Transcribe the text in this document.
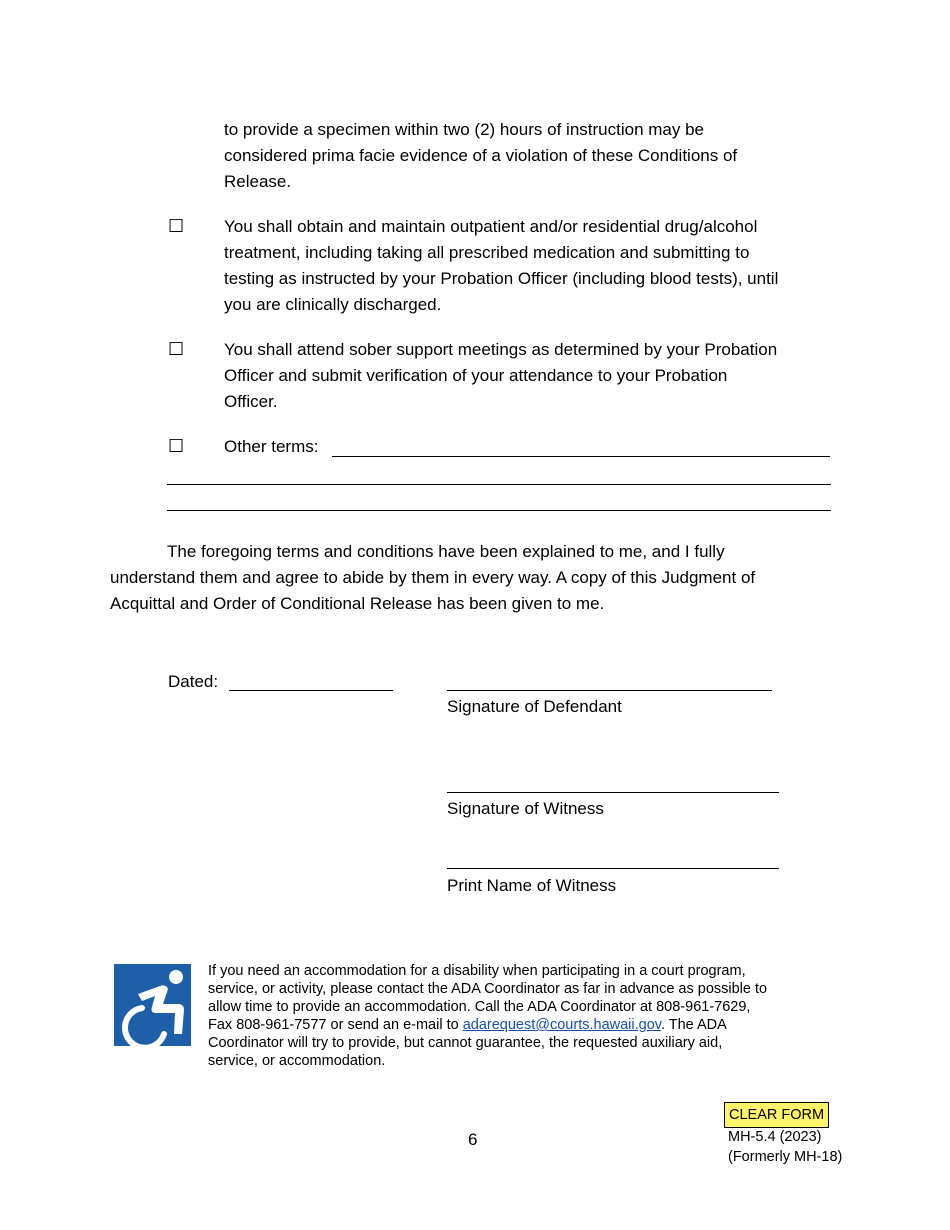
to provide a specimen within two (2) hours of instruction may be
considered prima facie evidence of a violation of these Conditions of
Release.
☐ You shall obtain and maintain outpatient and/or residential drug/alcohol
treatment, including taking all prescribed medication and submitting to
testing as instructed by your Probation Officer (including blood tests), until
you are clinically discharged.
☐ You shall attend sober support meetings as determined by your Probation
Officer and submit verification of your attendance to your Probation
Officer.
☐ Other terms:
The foregoing terms and conditions have been explained to me, and I fully
understand them and agree to abide by them in every way. A copy of this Judgment of
Acquittal and Order of Conditional Release has been given to me.
Dated:
Signature of Defendant
Signature of Witness
Print Name of Witness
If you need an accommodation for a disability when participating in a court program,
service, or activity, please contact the ADA Coordinator as far in advance as possible to
allow time to provide an accommodation. Call the ADA Coordinator at 808-961-7629,
Fax 808-961-7577 or send an e-mail to adarequest@courts.hawaii.gov. The ADA
Coordinator will try to provide, but cannot guarantee, the requested auxiliary aid,
service, or accommodation.
6
CLEAR FORM
MH-5.4 (2023)
(Formerly MH-18)
